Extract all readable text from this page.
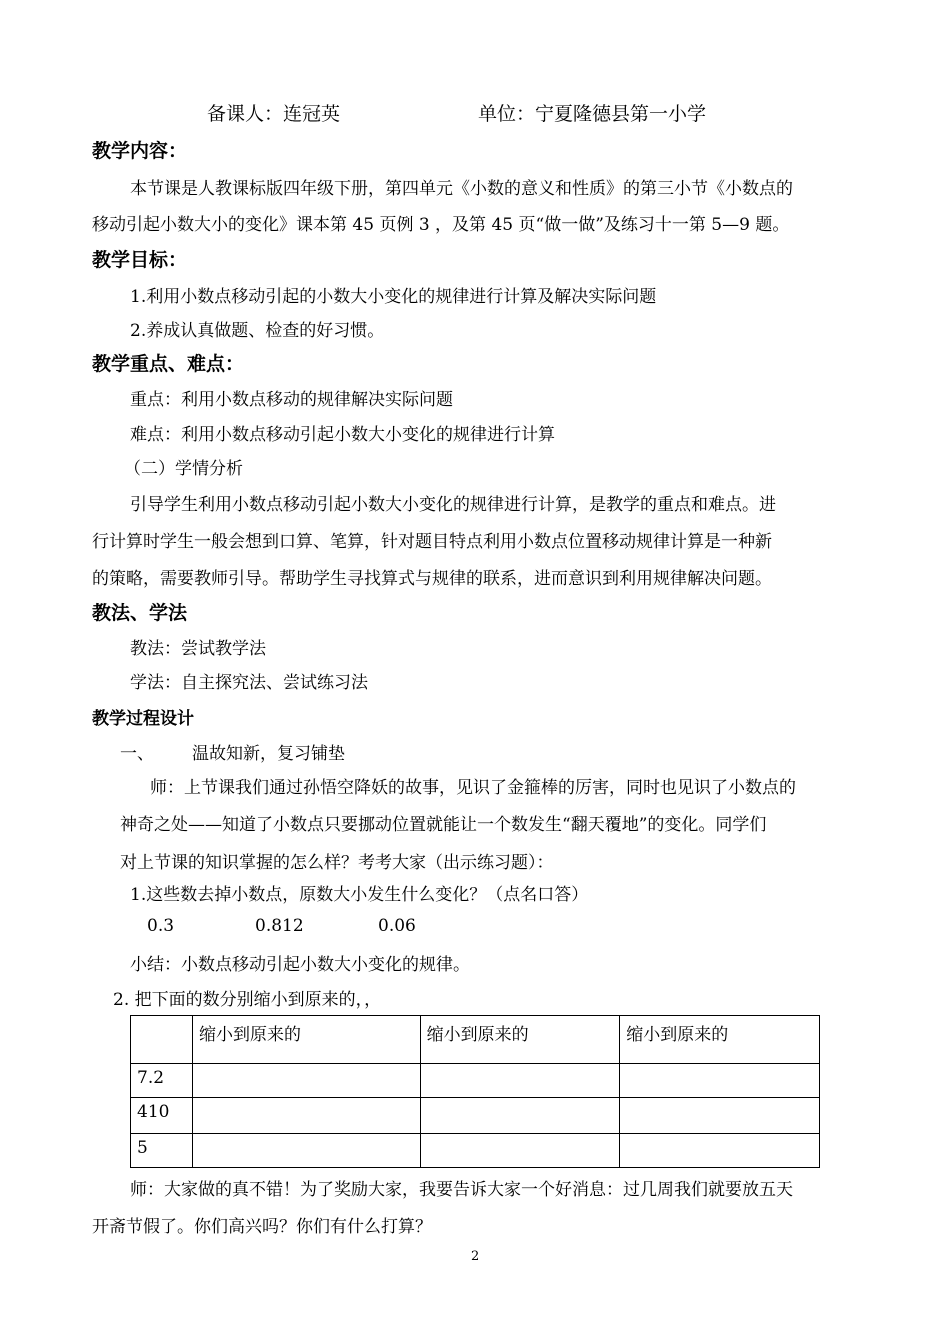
备课人：连冠英	单位：宁夏隆德县第一小学
教学内容：
本节课是人教课标版四年级下册，第四单元《小数的意义和性质》的第三小节《小数点的
移动引起小数大小的变化》课本第 45 页例 3 ，及第 45 页“做一做”及练习十一第 5—9 题。
教学目标：
1.利用小数点移动引起的小数大小变化的规律进行计算及解决实际问题
2.养成认真做题、检查的好习惯。
教学重点、难点：
重点：利用小数点移动的规律解决实际问题
难点：利用小数点移动引起小数大小变化的规律进行计算
（二）学情分析
引导学生利用小数点移动引起小数大小变化的规律进行计算，是教学的重点和难点。进
行计算时学生一般会想到口算、笔算，针对题目特点利用小数点位置移动规律计算是一种新
的策略，需要教师引导。帮助学生寻找算式与规律的联系，进而意识到利用规律解决问题。
教法、学法
教法：尝试教学法
学法：自主探究法、尝试练习法
教学过程设计
一、 温故知新，复习铺垫
师：上节课我们通过孙悟空降妖的故事，见识了金箍棒的厉害，同时也见识了小数点的
神奇之处——知道了小数点只要挪动位置就能让一个数发生“翻天覆地”的变化。同学们
对上节课的知识掌握的怎么样？考考大家（出示练习题）：
1.这些数去掉小数点，原数大小发生什么变化？（点名口答）
0.3	0.812	0.06
小结：小数点移动引起小数大小变化的规律。
2. 把下面的数分别缩小到原来的，，
	缩小到原来的	缩小到原来的	缩小到原来的
7.2			
410			
5			
师：大家做的真不错！为了奖励大家，我要告诉大家一个好消息：过几周我们就要放五天
开斋节假了。你们高兴吗？你们有什么打算？
2
